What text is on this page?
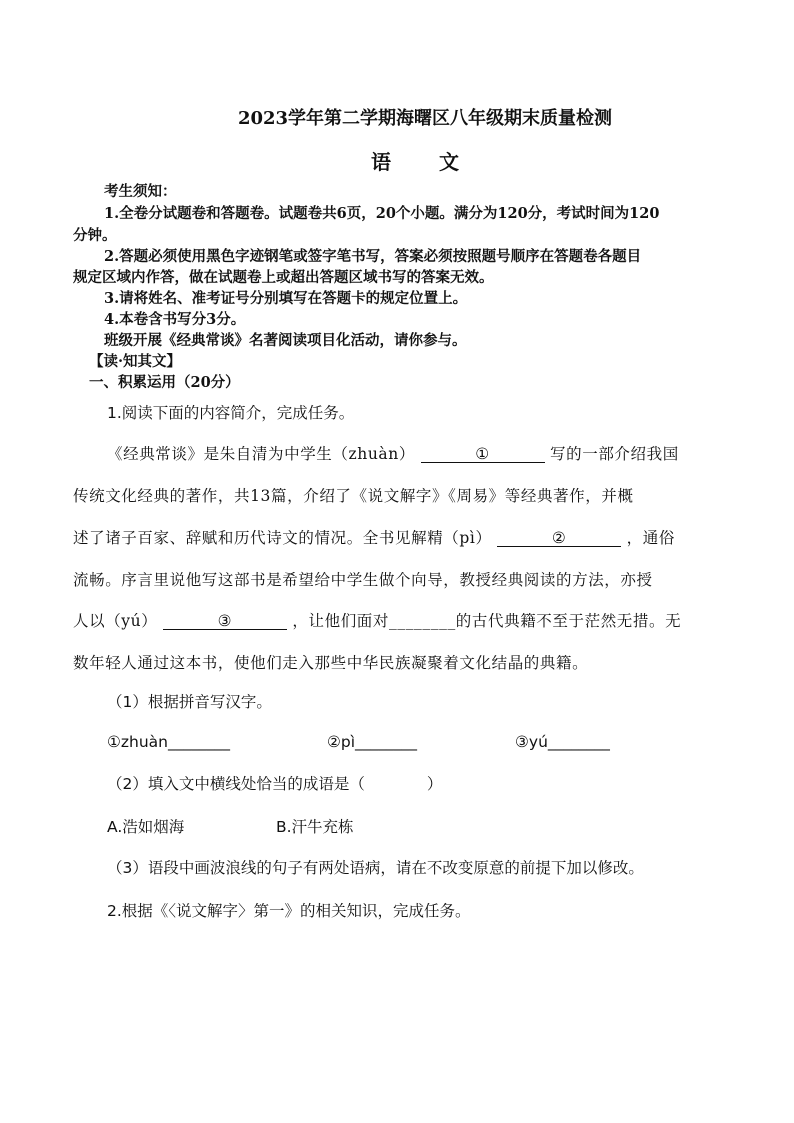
2023学年第二学期海曙区八年级期末质量检测
语　文
考生须知：
1.全卷分试题卷和答题卷。试题卷共6页，20个小题。满分为120分，考试时间为120
分钟。
2.答题必须使用黑色字迹钢笔或签字笔书写，答案必须按照题号顺序在答题卷各题目
规定区域内作答，做在试题卷上或超出答题区域书写的答案无效。
3.请将姓名、准考证号分别填写在答题卡的规定位置上。
4.本卷含书写分3分。
班级开展《经典常谈》名著阅读项目化活动，请你参与。
【读·知其文】
一、积累运用（20分）
1.阅读下面的内容简介，完成任务。
《经典常谈》是朱自清为中学生（zhuàn）	①	写的一部介绍我国
传统文化经典的著作，共13篇，介绍了《说文解字》《周易》等经典著作，并概
述了诸子百家、辞赋和历代诗文的情况。全书见解精（pì）	②	，通俗
流畅。序言里说他写这部书是希望给中学生做个向导，教授经典阅读的方法，亦授
人以（yú）	③	，让他们面对________的古代典籍不至于茫然无措。无
数年轻人通过这本书，使他们走入那些中华民族凝聚着文化结晶的典籍。
（1）根据拼音写汉字。
①zhuàn________	②pì________	③yú________
（2）填入文中横线处恰当的成语是（　　　　）
A.浩如烟海	B.汗牛充栋
（3）语段中画波浪线的句子有两处语病，请在不改变原意的前提下加以修改。
2.根据《〈说文解字〉第一》的相关知识，完成任务。
